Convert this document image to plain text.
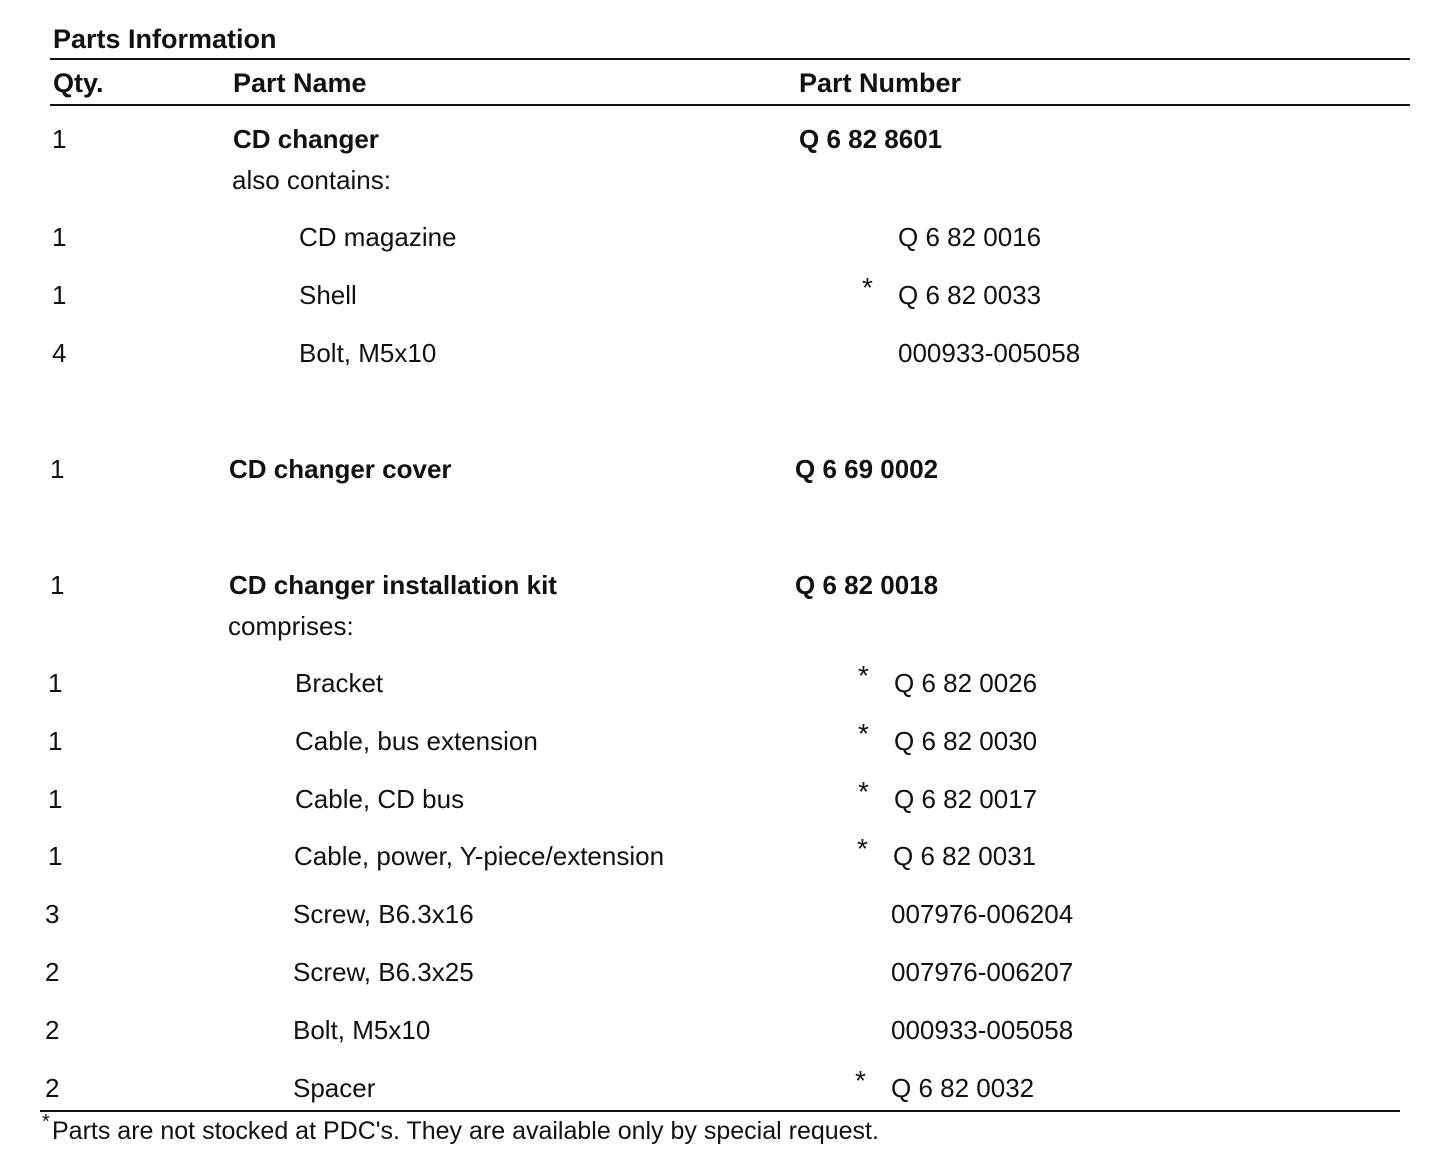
Parts Information
Qty.	Part Name	Part Number
1	CD changer	Q 6 82 8601
also contains:
1	CD magazine	Q 6 82 0016
1	Shell	* Q 6 82 0033
4	Bolt, M5x10	000933-005058
1	CD changer cover	Q 6 69 0002
1	CD changer installation kit	Q 6 82 0018
comprises:
1	Bracket	* Q 6 82 0026
1	Cable, bus extension	* Q 6 82 0030
1	Cable, CD bus	* Q 6 82 0017
1	Cable, power, Y-piece/extension	* Q 6 82 0031
3	Screw, B6.3x16	007976-006204
2	Screw, B6.3x25	007976-006207
2	Bolt, M5x10	000933-005058
2	Spacer	* Q 6 82 0032
* Parts are not stocked at PDC's. They are available only by special request.
